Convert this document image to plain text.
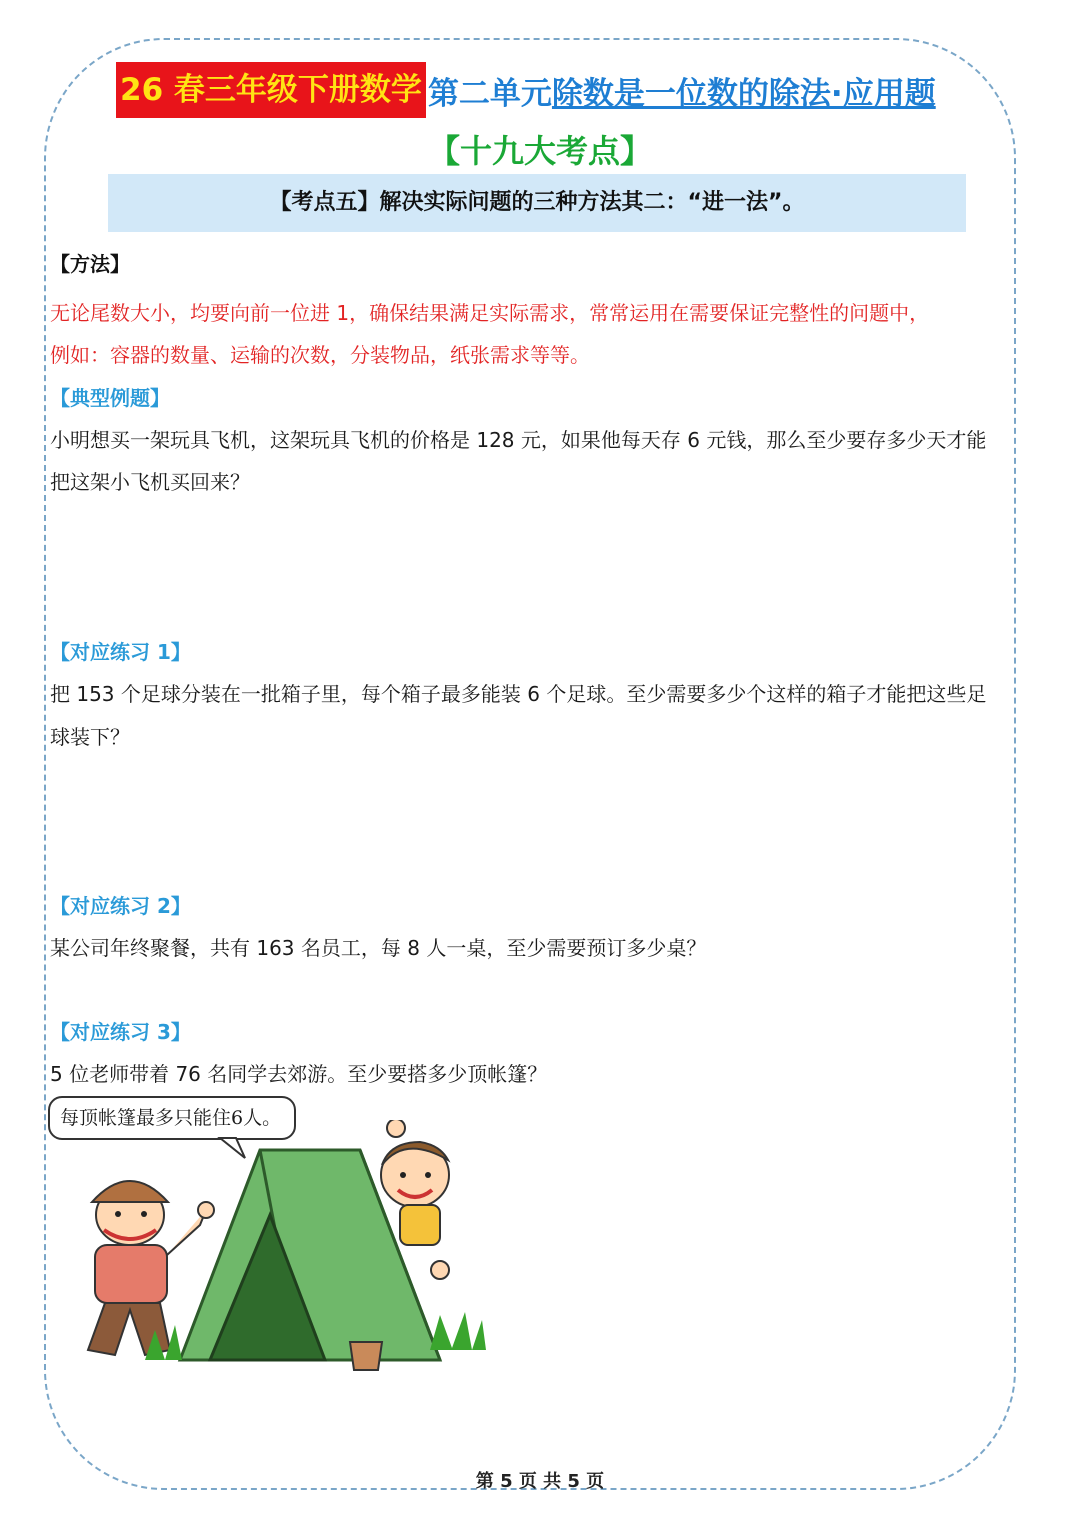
26 春三年级下册数学 第二单元 除数是一位数的除法·应用题
【十九大考点】
【考点五】解决实际问题的三种方法其二：“进一法”。
【方法】
无论尾数大小，均要向前一位进 1，确保结果满足实际需求，常常运用在需要保证完整性的问题中，
例如：容器的数量、运输的次数，分装物品，纸张需求等等。
【典型例题】
小明想买一架玩具飞机，这架玩具飞机的价格是 128 元，如果他每天存 6 元钱，那么至少要存多少天才能
把这架小飞机买回来？
【对应练习 1】
把 153 个足球分装在一批箱子里，每个箱子最多能装 6 个足球。至少需要多少个这样的箱子才能把这些足
球装下？
【对应练习 2】
某公司年终聚餐，共有 163 名员工，每 8 人一桌，至少需要预订多少桌？
【对应练习 3】
5 位老师带着 76 名同学去郊游。至少要搭多少顶帐篷？
每顶帐篷最多只能住6人。
第 5 页 共 5 页
